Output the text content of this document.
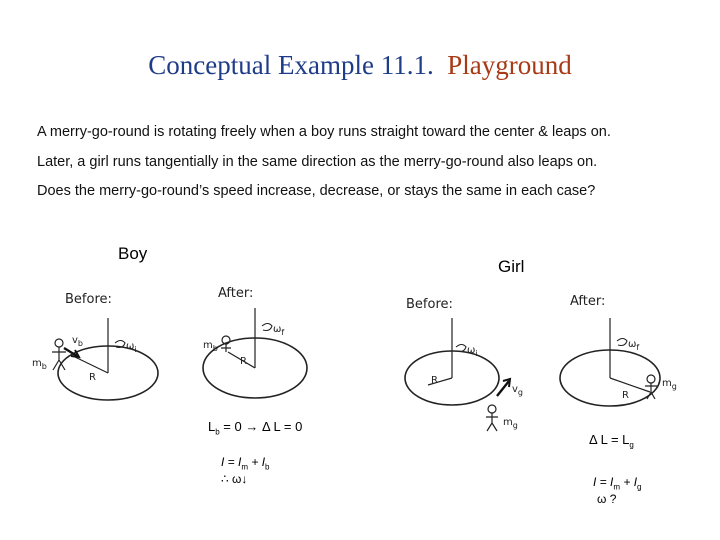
Conceptual Example 11.1. Playground
A merry-go-round is rotating freely when a boy runs straight toward the center & leaps on.
Later, a girl runs tangentially in the same direction as the merry-go-round also leaps on.
Does the merry-go-round’s speed increase, decrease, or stays the same in each case?
Boy
Girl
Before:
$\omega_i$
R
$v_b$
$m_b$
After:
$\omega_f$
R
$m_b$
Before:
$\omega_i$
R
$v_g$
$m_g$
After:
$\omega_f$
R
$m_g$
$L_b = 0 \to \Delta$ L = 0
$I = I_m + I_b$
∴ ω↓
Δ $L = L_g$
$I = I_m + I_g$
ω ?
